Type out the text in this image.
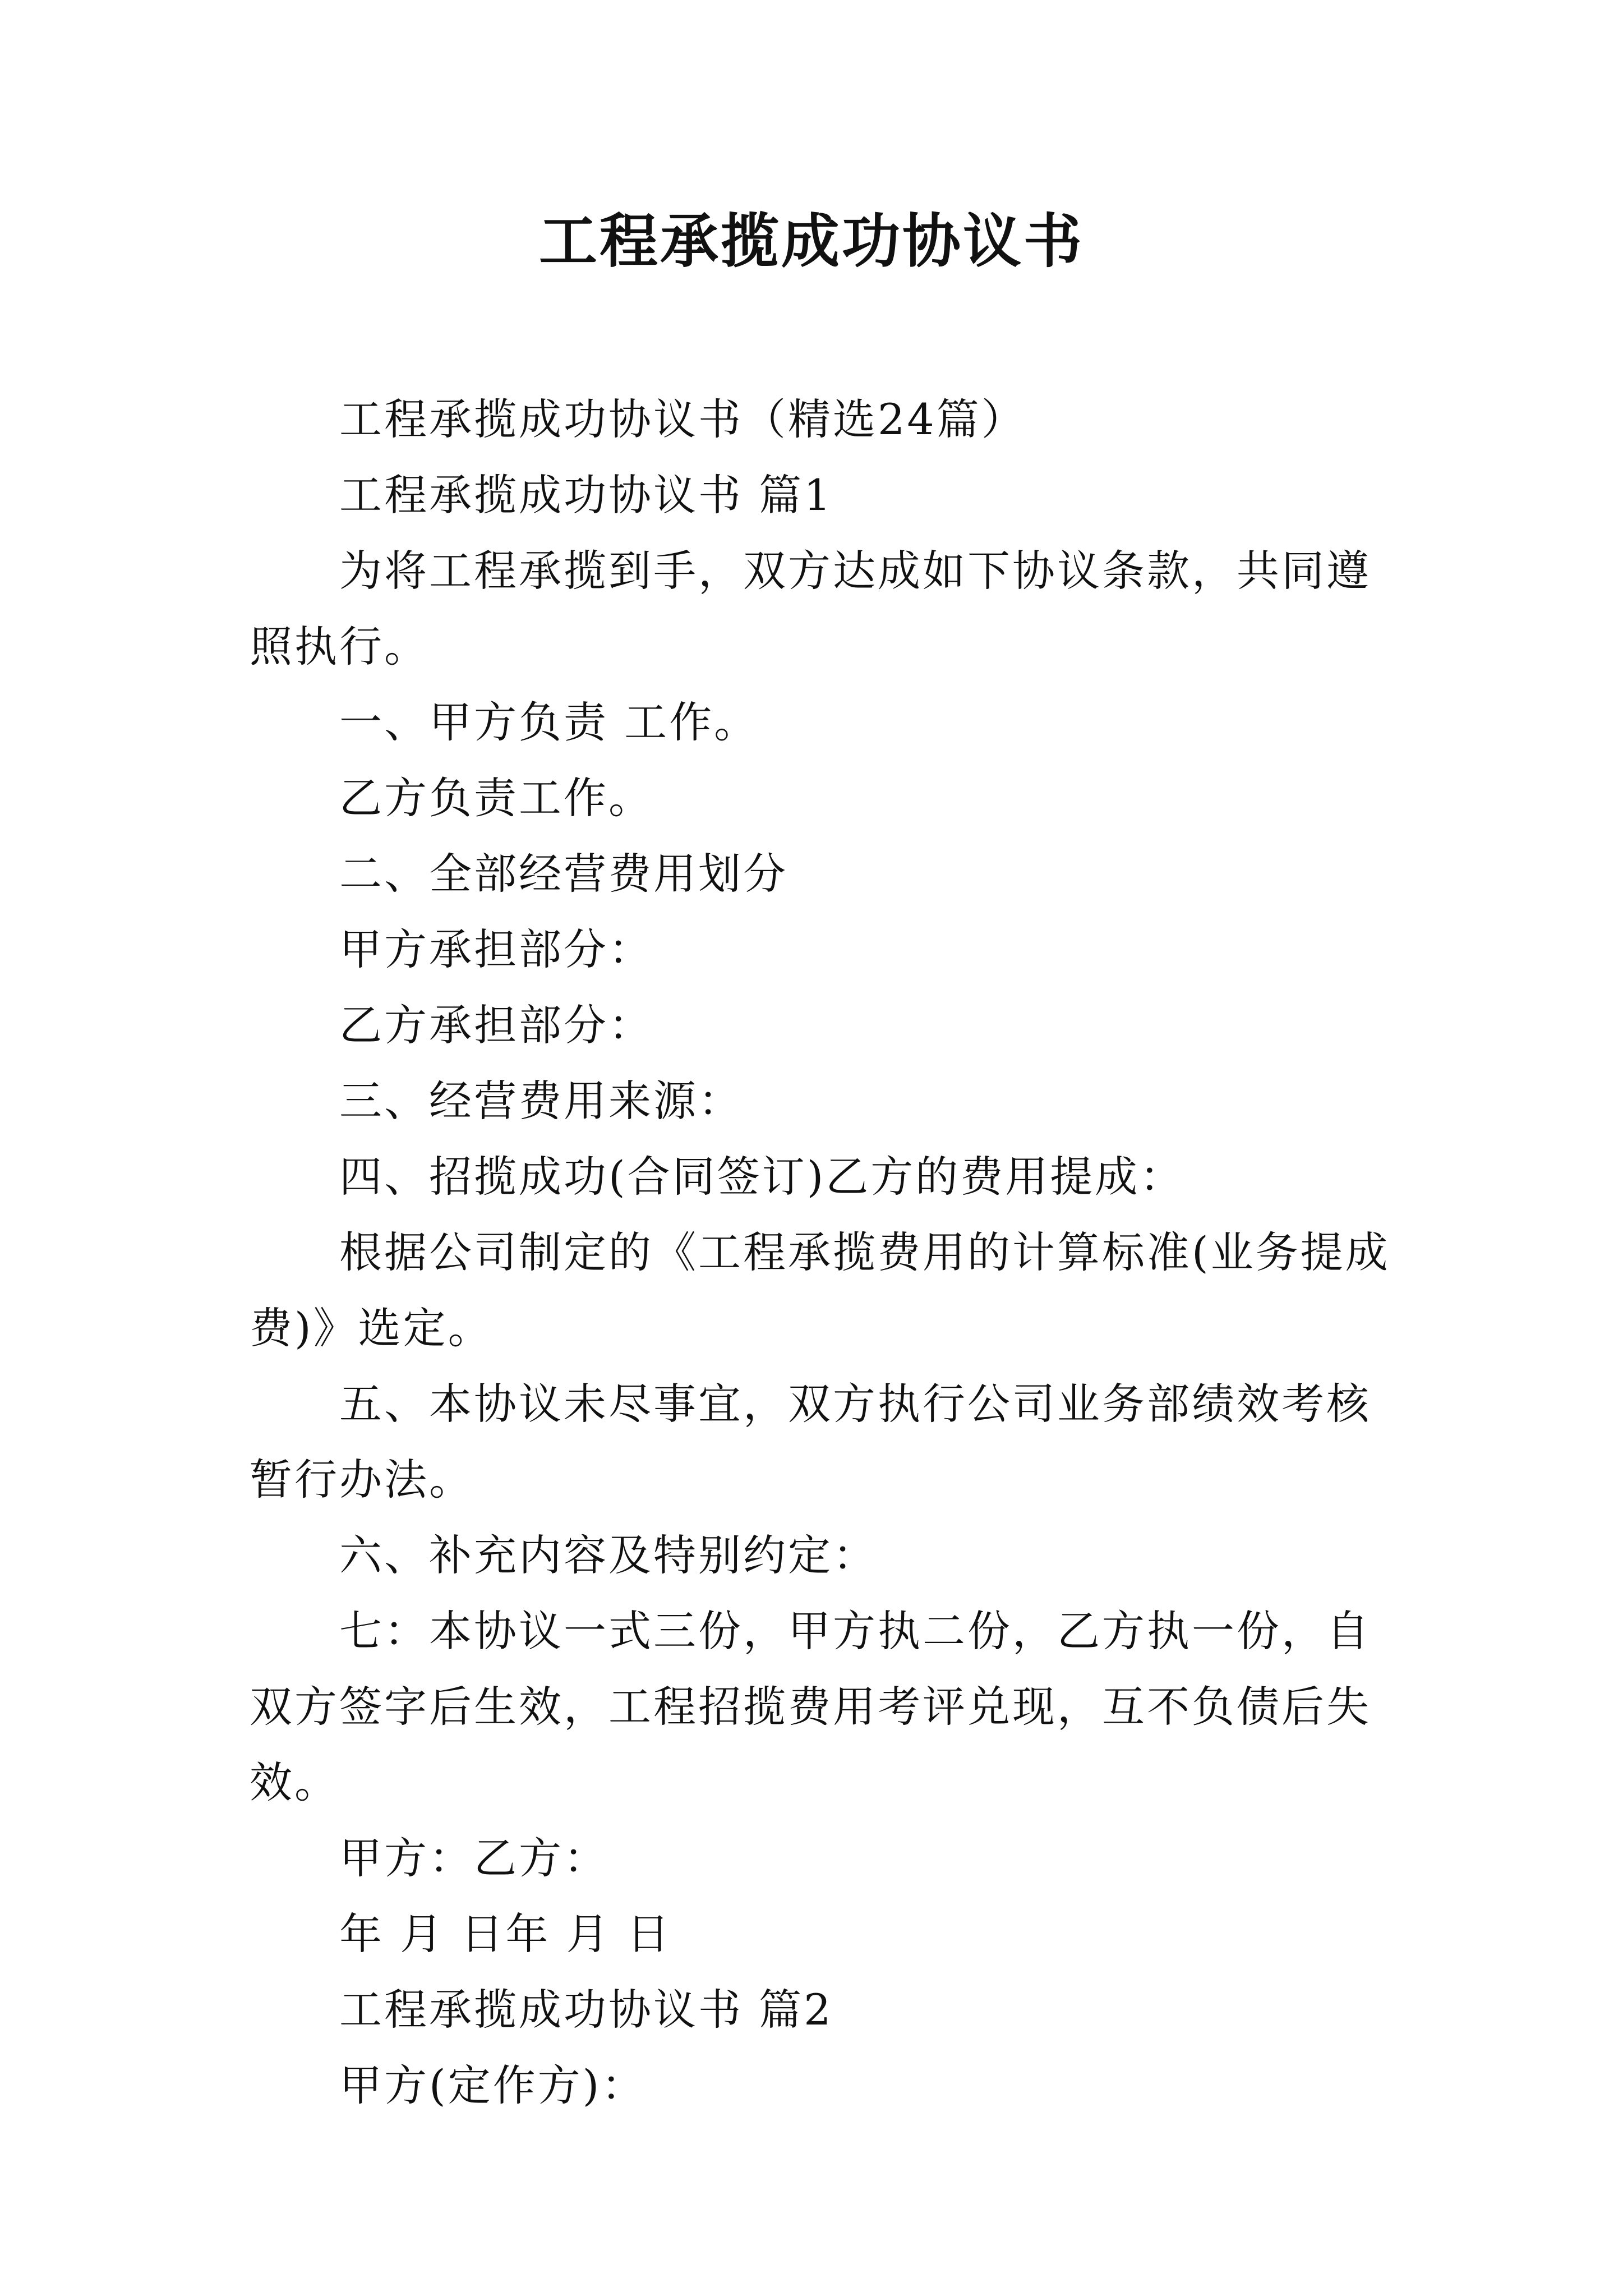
工程承揽成功协议书

工程承揽成功协议书（精选24篇）

工程承揽成功协议书 篇1

为将工程承揽到手，双方达成如下协议条款，共同遵照执行。

一、甲方负责 工作。

乙方负责工作。

二、全部经营费用划分

甲方承担部分：

乙方承担部分：

三、经营费用来源：

四、招揽成功(合同签订)乙方的费用提成：

根据公司制定的《工程承揽费用的计算标准(业务提成费)》选定。

五、本协议未尽事宜，双方执行公司业务部绩效考核暂行办法。

六、补充内容及特别约定：

七：本协议一式三份，甲方执二份，乙方执一份，自双方签字后生效，工程招揽费用考评兑现，互不负债后失效。

甲方：乙方：

年 月 日年 月 日

工程承揽成功协议书 篇2

甲方(定作方)：
